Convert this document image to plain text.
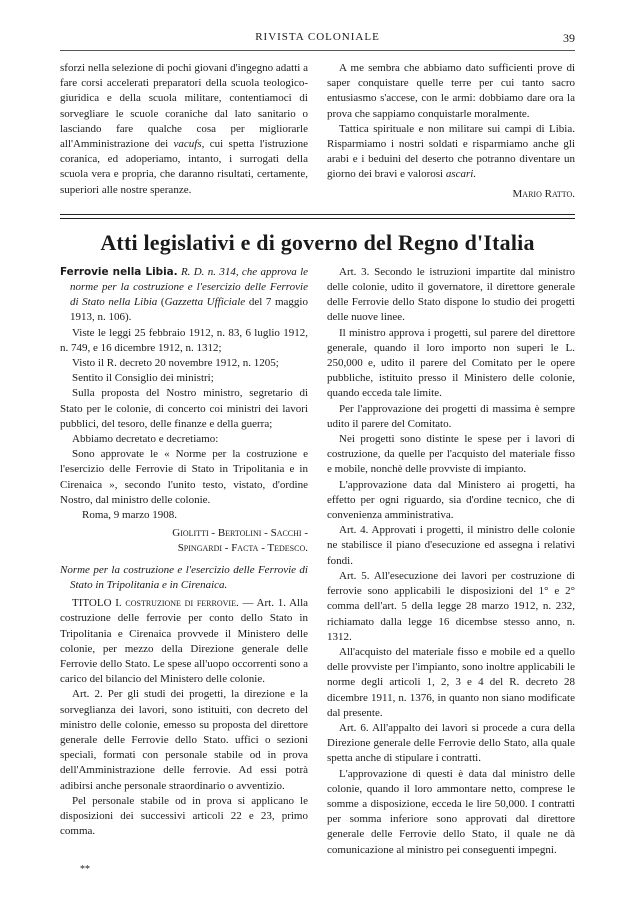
RIVISTA COLONIALE	39

sforzi nella selezione di pochi giovani d'ingegno adatti a fare corsi accelerati preparatori della scuola teologico-giuridica e della scuola militare, contentiamoci di sorvegliare le scuole coraniche dal lato sanitario o lasciando fare qualche cosa per migliorarle all'Amministrazione dei vacufs, cui spetta l'istruzione coranica, ed adoperiamo, intanto, i surrogati della scuola vera e propria, che daranno risultati, certamente, superiori alle nostre speranze.

A me sembra che abbiamo dato sufficienti prove di saper conquistare quelle terre per cui tanto sacro entusiasmo s'accese, con le armi: dobbiamo dare ora la prova che sappiamo conquistarle moralmente.

Tattica spirituale e non militare sui campi di Libia. Risparmiamo i nostri soldati e risparmiamo anche gli arabi e i beduini del deserto che potranno diventare un giorno dei bravi e valorosi ascari.

Mario Ratto.

Atti legislativi e di governo del Regno d'Italia

Ferrovie nella Libia. R. D. n. 314, che approva le norme per la costruzione e l'esercizio delle Ferrovie di Stato nella Libia (Gazzetta Ufficiale del 7 maggio 1913, n. 106).

Viste le leggi 25 febbraio 1912, n. 83, 6 luglio 1912, n. 749, e 16 dicembre 1912, n. 1312;

Visto il R. decreto 20 novembre 1912, n. 1205;

Sentito il Consiglio dei ministri;

Sulla proposta del Nostro ministro, segretario di Stato per le colonie, di concerto coi ministri dei lavori pubblici, del tesoro, delle finanze e della guerra;

Abbiamo decretato e decretiamo:

Sono approvate le « Norme per la costruzione e l'esercizio delle Ferrovie di Stato in Tripolitania e in Cirenaica », secondo l'unito testo, vistato, d'ordine Nostro, dal ministro delle colonie.

Roma, 9 marzo 1908.

Giolitti - Bertolini - Sacchi -

Spingardi - Facta - Tedesco.

Norme per la costruzione e l'esercizio delle Ferrovie di Stato in Tripolitania e in Cirenaica.

TITOLO I. costruzione di ferrovie. — Art. 1. Alla costruzione delle ferrovie per conto dello Stato in Tripolitania e Cirenaica provvede il Ministero delle colonie, per mezzo della Direzione generale delle Ferrovie dello Stato. Le spese all'uopo occorrenti sono a carico del bilancio del Ministero delle colonie.

Art. 2. Per gli studi dei progetti, la direzione e la sorveglianza dei lavori, sono istituiti, con decreto del ministro delle colonie, emesso su proposta del direttore generale delle Ferrovie dello Stato. uffici o sezioni speciali, formati con personale stabile od in prova dell'Amministrazione delle ferrovie. Ad essi potrà adibirsi anche personale straordinario o avventizio.

Pel personale stabile od in prova si applicano le disposizioni dei successivi articoli 22 e 23, primo comma.

**

Art. 3. Secondo le istruzioni impartite dal ministro delle colonie, udito il governatore, il direttore generale delle Ferrovie dello Stato dispone lo studio dei progetti delle nuove linee.

Il ministro approva i progetti, sul parere del direttore generale, quando il loro importo non superi le L. 250,000 e, udito il parere del Comitato per le opere pubbliche, istituito presso il Ministero delle colonie, quando ecceda tale limite.

Per l'approvazione dei progetti di massima è sempre udito il parere del Comitato.

Nei progetti sono distinte le spese per i lavori di costruzione, da quelle per l'acquisto del materiale fisso e mobile, nonchè delle provviste di impianto.

L'approvazione data dal Ministero ai progetti, ha effetto per ogni riguardo, sia d'ordine tecnico, che di convenienza amministrativa.

Art. 4. Approvati i progetti, il ministro delle colonie ne stabilisce il piano d'esecuzione ed assegna i relativi fondi.

Art. 5. All'esecuzione dei lavori per costruzione di ferrovie sono applicabili le disposizioni del 1° e 2° comma dell'art. 5 della legge 28 marzo 1912, n. 232, richiamato dalla legge 16 dicembse stesso anno, n. 1312.

All'acquisto del materiale fisso e mobile ed a quello delle provviste per l'impianto, sono inoltre applicabili le norme degli articoli 1, 2, 3 e 4 del R. decreto 28 dicembre 1911, n. 1376, in quanto non siano modificate dal presente.

Art. 6. All'appalto dei lavori si procede a cura della Direzione generale delle Ferrovie dello Stato, alla quale spetta anche di stipulare i contratti.

L'approvazione di questi è data dal ministro delle colonie, quando il loro ammontare netto, comprese le somme a disposizione, ecceda le lire 50,000. I contratti per somma inferiore sono approvati dal direttore generale delle Ferrovie dello Stato, il quale ne dà comunicazione al ministro pei conseguenti impegni.
